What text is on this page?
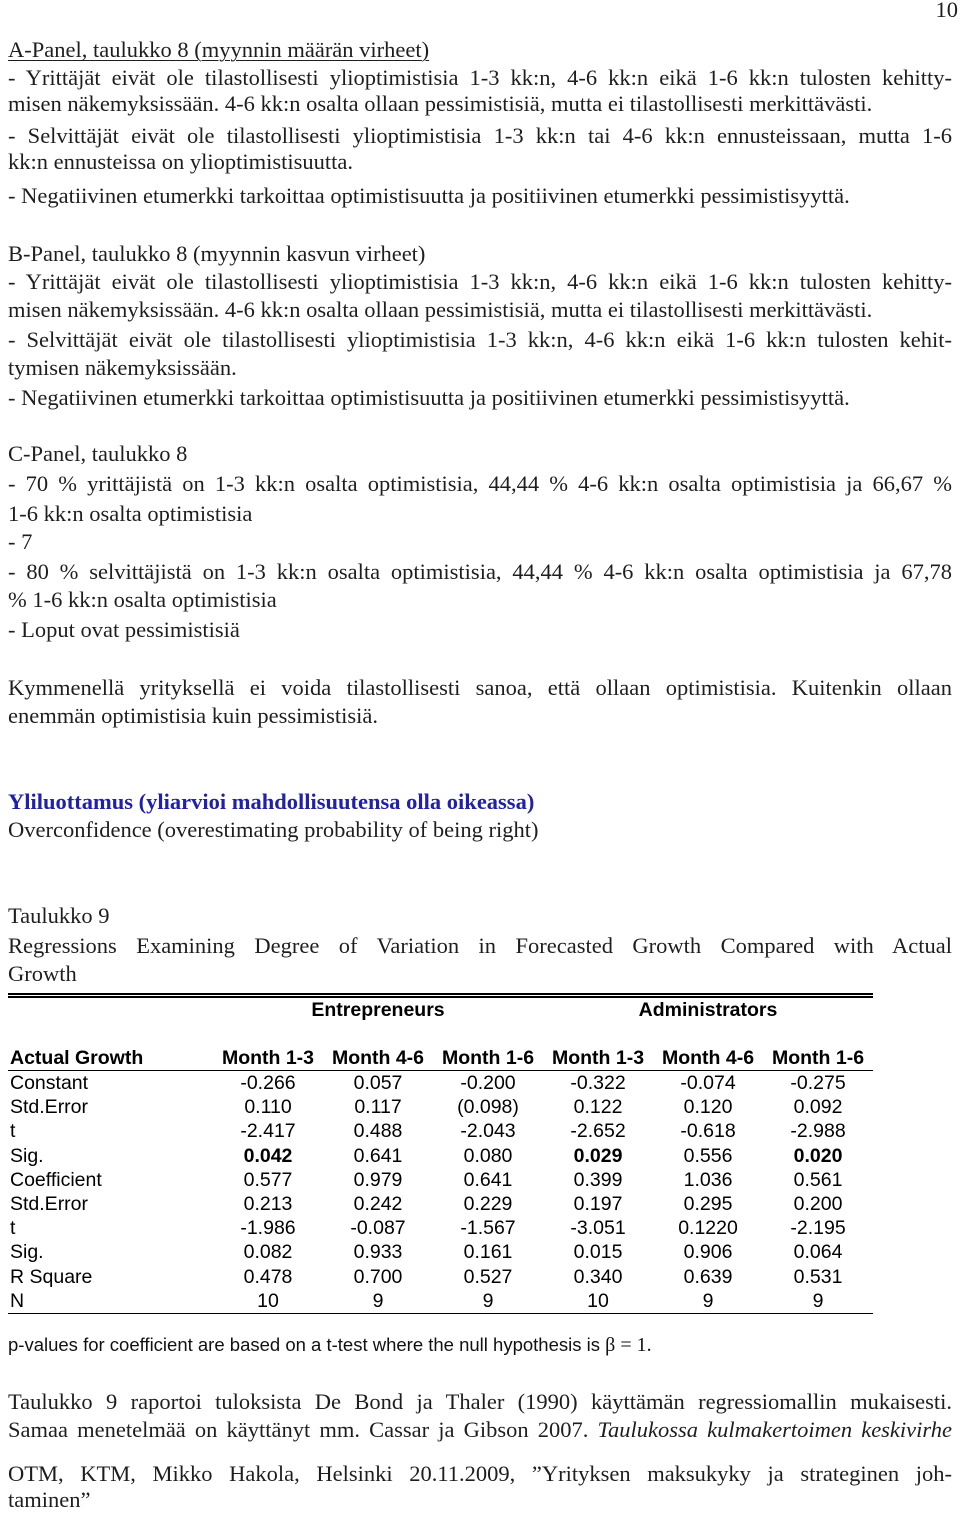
10
A-Panel, taulukko 8 (myynnin määrän virheet)
- Yrittäjät eivät ole tilastollisesti ylioptimistisia 1-3 kk:n, 4-6 kk:n eikä 1-6 kk:n tulosten kehitty-
misen näkemyksissään. 4-6 kk:n osalta ollaan pessimistisiä, mutta ei tilastollisesti merkittävästi.
- Selvittäjät eivät ole tilastollisesti ylioptimistisia 1-3 kk:n tai 4-6 kk:n ennusteissaan, mutta 1-6
kk:n ennusteissa on ylioptimistisuutta.
- Negatiivinen etumerkki tarkoittaa optimistisuutta ja positiivinen etumerkki pessimistisyyttä.
B-Panel, taulukko 8 (myynnin kasvun virheet)
- Yrittäjät eivät ole tilastollisesti ylioptimistisia 1-3 kk:n, 4-6 kk:n eikä 1-6 kk:n tulosten kehitty-
misen näkemyksissään. 4-6 kk:n osalta ollaan pessimistisiä, mutta ei tilastollisesti merkittävästi.
- Selvittäjät eivät ole tilastollisesti ylioptimistisia 1-3 kk:n, 4-6 kk:n eikä 1-6 kk:n tulosten kehit-
tymisen näkemyksissään.
- Negatiivinen etumerkki tarkoittaa optimistisuutta ja positiivinen etumerkki pessimistisyyttä.
C-Panel, taulukko 8
- 70 % yrittäjistä on 1-3 kk:n osalta optimistisia, 44,44 % 4-6 kk:n osalta optimistisia ja 66,67 %
1-6 kk:n osalta optimistisia
- 7
- 80 % selvittäjistä on 1-3 kk:n osalta optimistisia, 44,44 % 4-6 kk:n osalta optimistisia ja 67,78
% 1-6 kk:n osalta optimistisia
- Loput ovat pessimistisiä
Kymmenellä yrityksellä ei voida tilastollisesti sanoa, että ollaan optimistisia. Kuitenkin ollaan
enemmän optimistisia kuin pessimistisiä.
Yliluottamus (yliarvioi mahdollisuutensa olla oikeassa)
Overconfidence (overestimating probability of being right)
Taulukko 9
Regressions Examining Degree of Variation in Forecasted Growth Compared with Actual
Growth
	Entrepreneurs			Administrators		

Actual Growth	Month 1-3	Month 4-6	Month 1-6	Month 1-3	Month 4-6	Month 1-6
Constant	-0.266	0.057	-0.200	-0.322	-0.074	-0.275
Std.Error	0.110	0.117	(0.098)	0.122	0.120	0.092
t	-2.417	0.488	-2.043	-2.652	-0.618	-2.988
Sig.	0.042	0.641	0.080	0.029	0.556	0.020
Coefficient	0.577	0.979	0.641	0.399	1.036	0.561
Std.Error	0.213	0.242	0.229	0.197	0.295	0.200
t	-1.986	-0.087	-1.567	-3.051	0.1220	-2.195
Sig.	0.082	0.933	0.161	0.015	0.906	0.064
R Square	0.478	0.700	0.527	0.340	0.639	0.531
N	10	9	9	10	9	9
p-values for coefficient are based on a t-test where the null hypothesis is β = 1.
Taulukko 9 raportoi tuloksista De Bond ja Thaler (1990) käyttämän regressiomallin mukaisesti.
Samaa menetelmää on käyttänyt mm. Cassar ja Gibson 2007. Taulukossa kulmakertoimen keskivirhe
OTM, KTM, Mikko Hakola, Helsinki 20.11.2009, ”Yrityksen maksukyky ja strateginen joh-
taminen”
